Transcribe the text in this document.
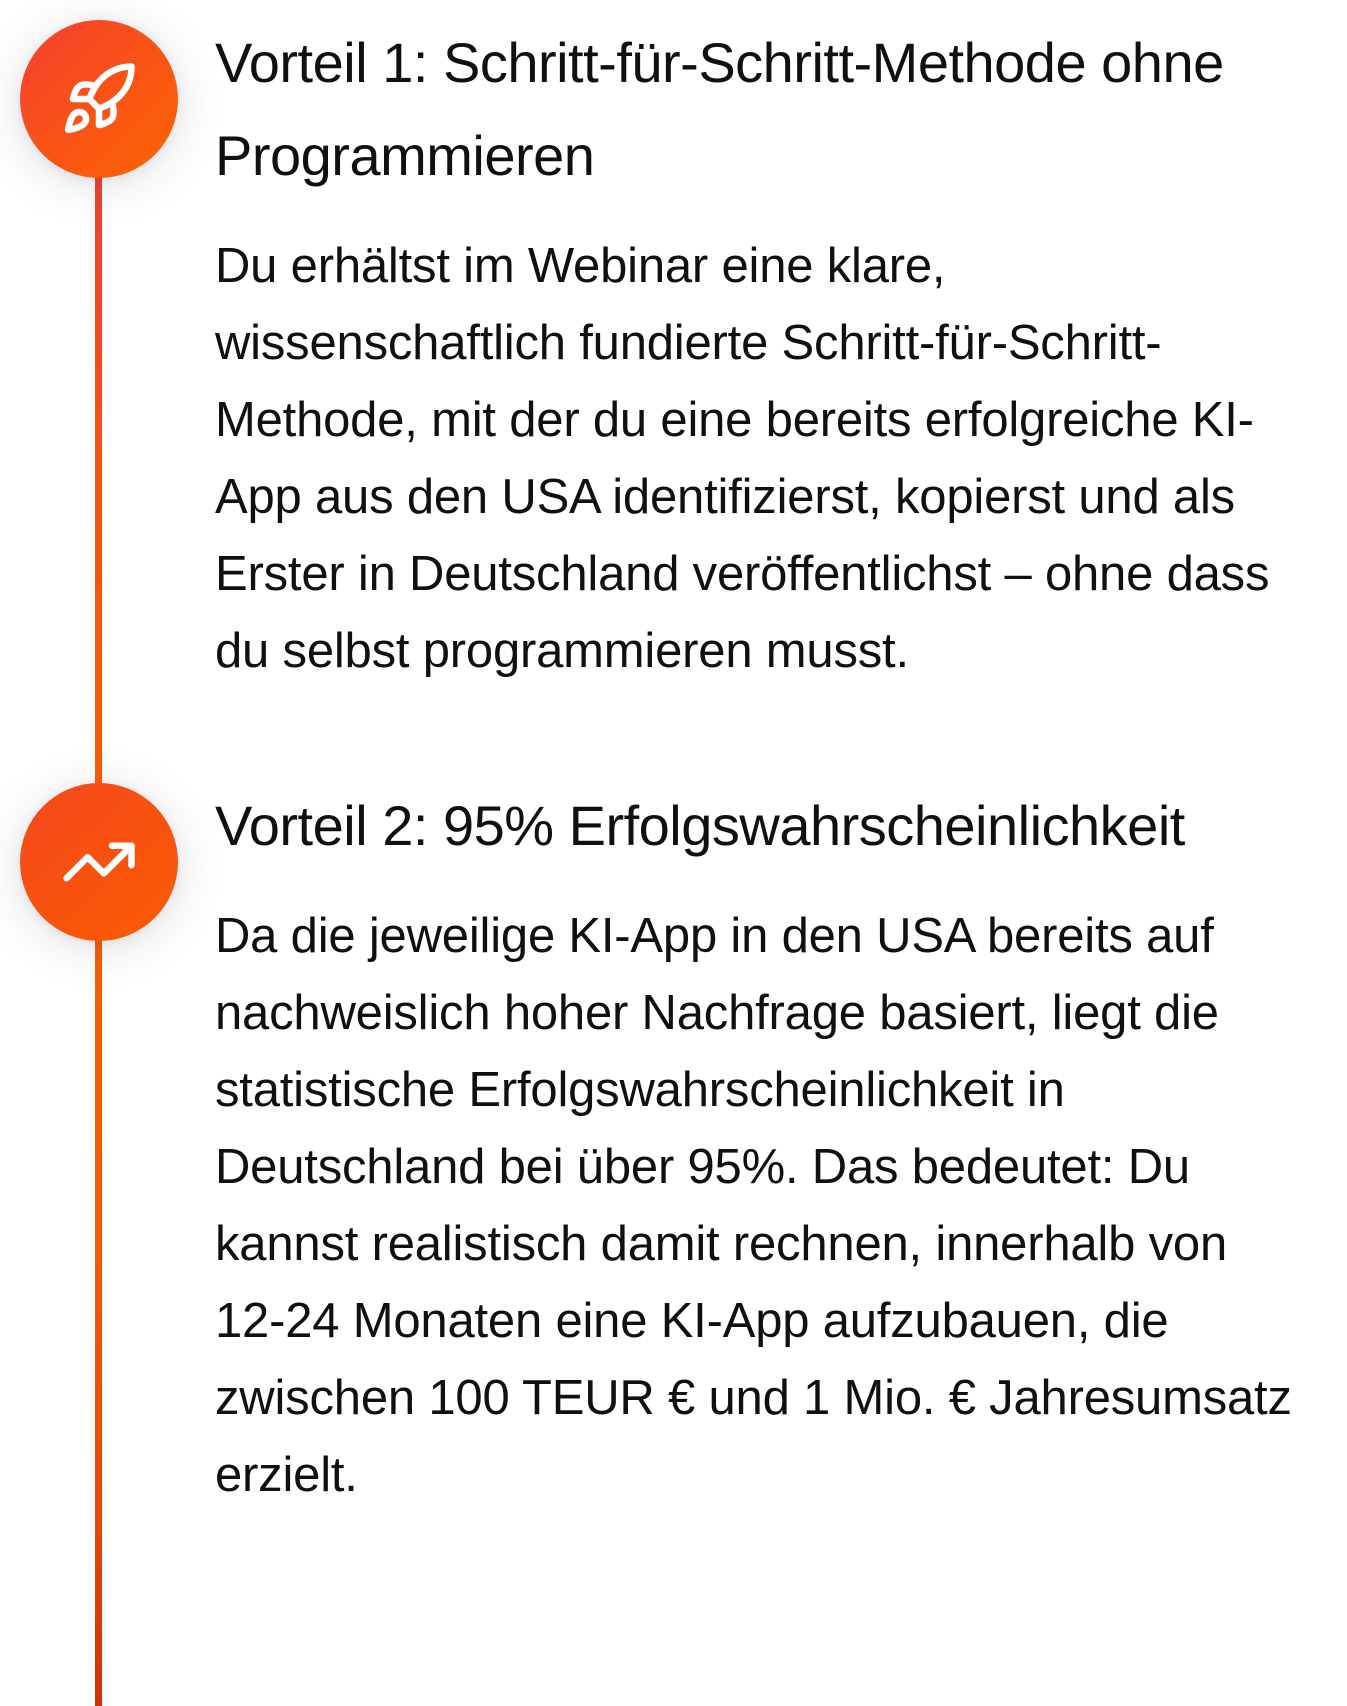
Vorteil 1: Schritt-für-Schritt-Methode ohne Programmieren

Du erhältst im Webinar eine klare, wissenschaftlich fundierte Schritt-für-Schritt-Methode, mit der du eine bereits erfolgreiche KI-App aus den USA identifizierst, kopierst und als Erster in Deutschland veröffentlichst – ohne dass du selbst programmieren musst.

Vorteil 2: 95% Erfolgswahrscheinlichkeit

Da die jeweilige KI-App in den USA bereits auf nachweislich hoher Nachfrage basiert, liegt die statistische Erfolgswahrscheinlichkeit in Deutschland bei über 95%. Das bedeutet: Du kannst realistisch damit rechnen, innerhalb von 12-24 Monaten eine KI-App aufzubauen, die zwischen 100 TEUR € und 1 Mio. € Jahresumsatz erzielt.
